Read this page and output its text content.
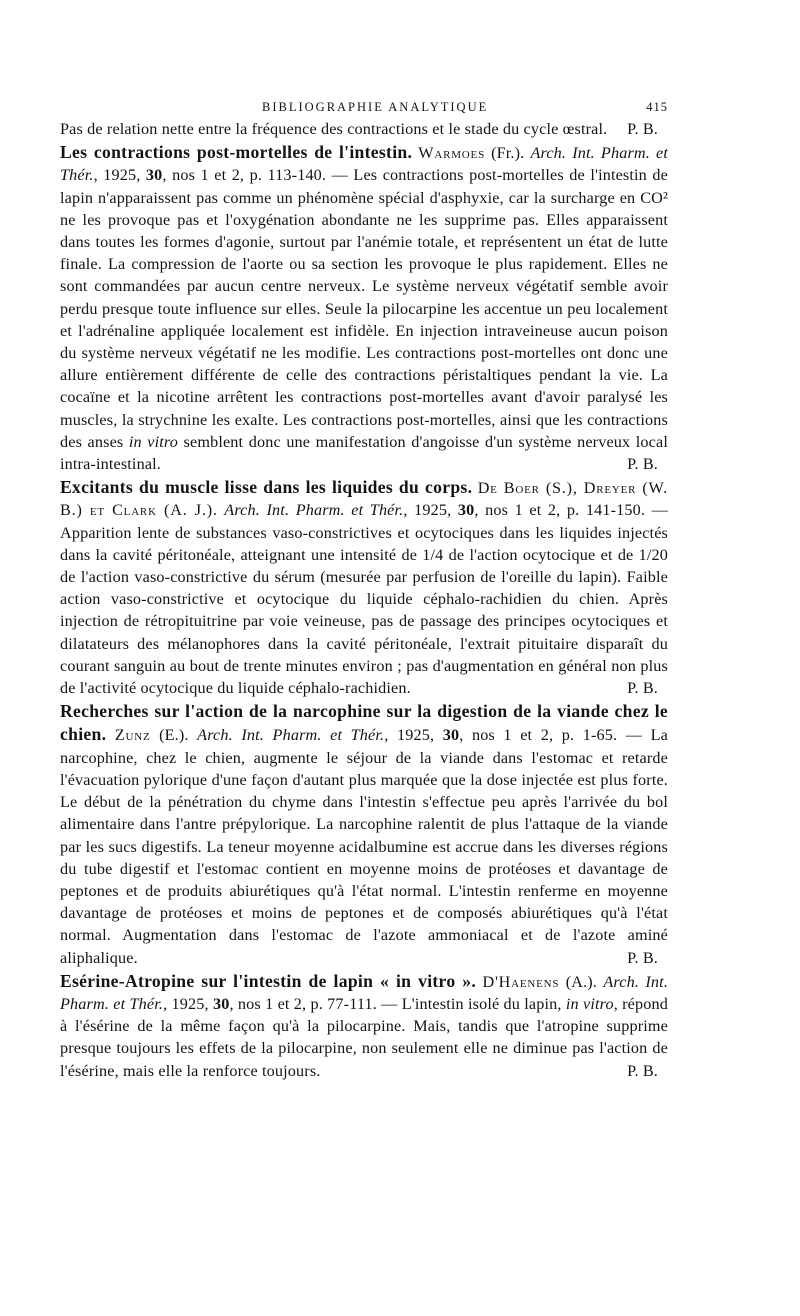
BIBLIOGRAPHIE ANALYTIQUE	415

Pas de relation nette entre la fréquence des contractions et le stade du cycle œstral. P. B.

Les contractions post-mortelles de l'intestin. Warmoes (Fr.). Arch. Int. Pharm. et Thér., 1925, 30, nos 1 et 2, p. 113-140. — Les contractions post-mortelles de l'intestin de lapin n'apparaissent pas comme un phénomène spécial d'asphyxie, car la surcharge en CO² ne les provoque pas et l'oxygénation abondante ne les supprime pas. Elles apparaissent dans toutes les formes d'agonie, surtout par l'anémie totale, et représentent un état de lutte finale. La compression de l'aorte ou sa section les provoque le plus rapidement. Elles ne sont commandées par aucun centre nerveux. Le système nerveux végétatif semble avoir perdu presque toute influence sur elles. Seule la pilocarpine les accentue un peu localement et l'adrénaline appliquée localement est infidèle. En injection intraveineuse aucun poison du système nerveux végétatif ne les modifie. Les contractions post-mortelles ont donc une allure entièrement différente de celle des contractions péristaltiques pendant la vie. La cocaïne et la nicotine arrêtent les contractions post-mortelles avant d'avoir paralysé les muscles, la strychnine les exalte. Les contractions post-mortelles, ainsi que les contractions des anses in vitro semblent donc une manifestation d'angoisse d'un système nerveux local intra-intestinal.	P. B.

Excitants du muscle lisse dans les liquides du corps. De Boer (S.), Dreyer (W. B.) et Clark (A. J.). Arch. Int. Pharm. et Thér., 1925, 30, nos 1 et 2, p. 141-150. — Apparition lente de substances vaso-constrictives et ocytociques dans les liquides injectés dans la cavité péritonéale, atteignant une intensité de 1/4 de l'action ocytocique et de 1/20 de l'action vaso-constrictive du sérum (mesurée par perfusion de l'oreille du lapin). Faible action vaso-constrictive et ocytocique du liquide céphalo-rachidien du chien. Après injection de rétropituitrine par voie veineuse, pas de passage des principes ocytociques et dilatateurs des mélanophores dans la cavité péritonéale, l'extrait pituitaire disparaît du courant sanguin au bout de trente minutes environ ; pas d'augmentation en général non plus de l'activité ocytocique du liquide céphalo-rachidien.	P. B.

Recherches sur l'action de la narcophine sur la digestion de la viande chez le chien. Zunz (E.). Arch. Int. Pharm. et Thér., 1925, 30, nos 1 et 2, p. 1-65. — La narcophine, chez le chien, augmente le séjour de la viande dans l'estomac et retarde l'évacuation pylorique d'une façon d'autant plus marquée que la dose injectée est plus forte. Le début de la pénétration du chyme dans l'intestin s'effectue peu après l'arrivée du bol alimentaire dans l'antre prépylorique. La narcophine ralentit de plus l'attaque de la viande par les sucs digestifs. La teneur moyenne acidalbumine est accrue dans les diverses régions du tube digestif et l'estomac contient en moyenne moins de protéoses et davantage de peptones et de produits abiurétiques qu'à l'état normal. L'intestin renferme en moyenne davantage de protéoses et moins de peptones et de composés abiurétiques qu'à l'état normal. Augmentation dans l'estomac de l'azote ammoniacal et de l'azote aminé aliphalique.	P. B.

Esérine-Atropine sur l'intestin de lapin « in vitro ». D'Haenens (A.). Arch. Int. Pharm. et Thér., 1925, 30, nos 1 et 2, p. 77-111. — L'intestin isolé du lapin, in vitro, répond à l'ésérine de la même façon qu'à la pilocarpine. Mais, tandis que l'atropine supprime presque toujours les effets de la pilocarpine, non seulement elle ne diminue pas l'action de l'ésérine, mais elle la renforce toujours.	P. B.
